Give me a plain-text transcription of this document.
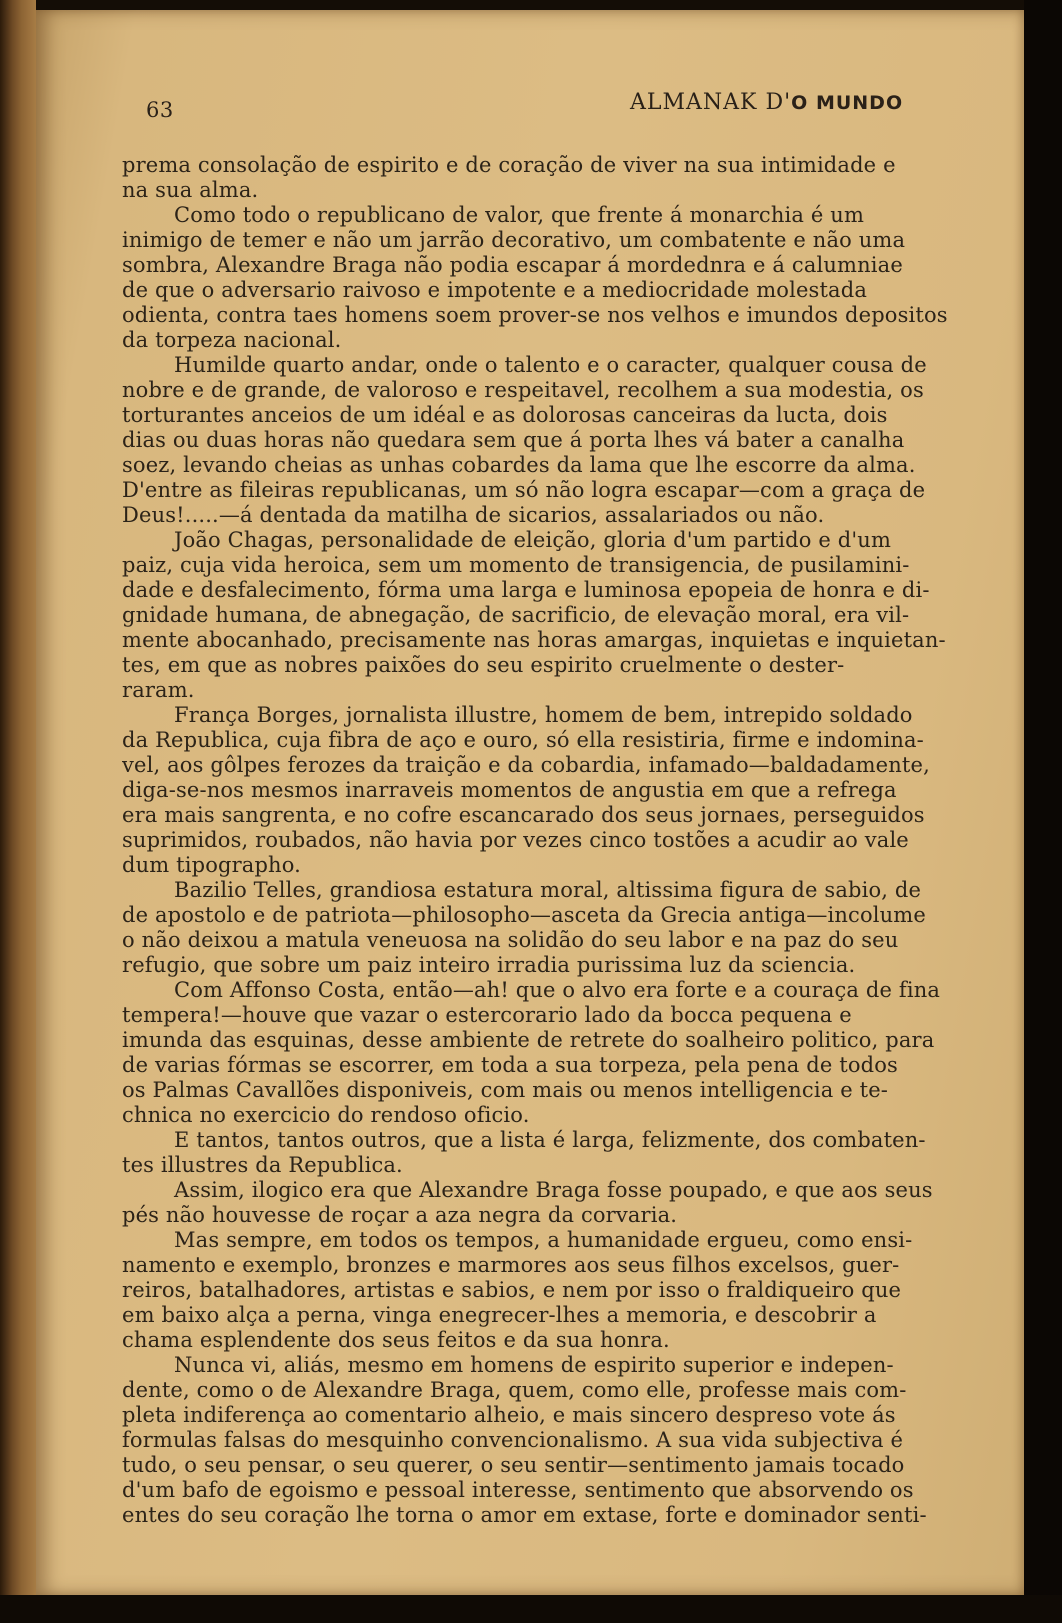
63	ALMANAK D'O MUNDO
prema consolação de espirito e de coração de viver na sua intimidade e
na sua alma.
Como todo o republicano de valor, que frente á monarchia é um
inimigo de temer e não um jarrão decorativo, um combatente e não uma
sombra, Alexandre Braga não podia escapar á mordednra e á calumniae
de que o adversario raivoso e impotente e a mediocridade molestada
odienta, contra taes homens soem prover-se nos velhos e imundos depositos
da torpeza nacional.
Humilde quarto andar, onde o talento e o caracter, qualquer cousa de
nobre e de grande, de valoroso e respeitavel, recolhem a sua modestia, os
torturantes anceios de um idéal e as dolorosas canceiras da lucta, dois
dias ou duas horas não quedara sem que á porta lhes vá bater a canalha
soez, levando cheias as unhas cobardes da lama que lhe escorre da alma.
D'entre as fileiras republicanas, um só não logra escapar—com a graça de
Deus!.....—á dentada da matilha de sicarios, assalariados ou não.
João Chagas, personalidade de eleição, gloria d'um partido e d'um
paiz, cuja vida heroica, sem um momento de transigencia, de pusilamini-
dade e desfalecimento, fórma uma larga e luminosa epopeia de honra e di-
gnidade humana, de abnegação, de sacrificio, de elevação moral, era vil-
mente abocanhado, precisamente nas horas amargas, inquietas e inquietan-
tes, em que as nobres paixões do seu espirito cruelmente o dester-
raram.
França Borges, jornalista illustre, homem de bem, intrepido soldado
da Republica, cuja fibra de aço e ouro, só ella resistiria, firme e indomina-
vel, aos gôlpes ferozes da traição e da cobardia, infamado—baldadamente,
diga-se-nos mesmos inarraveis momentos de angustia em que a refrega
era mais sangrenta, e no cofre escancarado dos seus jornaes, perseguidos
suprimidos, roubados, não havia por vezes cinco tostões a acudir ao vale
dum tipographo.
Bazilio Telles, grandiosa estatura moral, altissima figura de sabio, de
de apostolo e de patriota—philosopho—asceta da Grecia antiga—incolume
o não deixou a matula veneuosa na solidão do seu labor e na paz do seu
refugio, que sobre um paiz inteiro irradia purissima luz da sciencia.
Com Affonso Costa, então—ah! que o alvo era forte e a couraça de fina
tempera!—houve que vazar o estercorario lado da bocca pequena e
imunda das esquinas, desse ambiente de retrete do soalheiro politico, para
de varias fórmas se escorrer, em toda a sua torpeza, pela pena de todos
os Palmas Cavallões disponiveis, com mais ou menos intelligencia e te-
chnica no exercicio do rendoso oficio.
E tantos, tantos outros, que a lista é larga, felizmente, dos combaten-
tes illustres da Republica.
Assim, ilogico era que Alexandre Braga fosse poupado, e que aos seus
pés não houvesse de roçar a aza negra da corvaria.
Mas sempre, em todos os tempos, a humanidade ergueu, como ensi-
namento e exemplo, bronzes e marmores aos seus filhos excelsos, guer-
reiros, batalhadores, artistas e sabios, e nem por isso o fraldiqueiro que
em baixo alça a perna, vinga enegrecer-lhes a memoria, e descobrir a
chama esplendente dos seus feitos e da sua honra.
Nunca vi, aliás, mesmo em homens de espirito superior e indepen-
dente, como o de Alexandre Braga, quem, como elle, professe mais com-
pleta indiferença ao comentario alheio, e mais sincero despreso vote ás
formulas falsas do mesquinho convencionalismo. A sua vida subjectiva é
tudo, o seu pensar, o seu querer, o seu sentir—sentimento jamais tocado
d'um bafo de egoismo e pessoal interesse, sentimento que absorvendo os
entes do seu coração lhe torna o amor em extase, forte e dominador senti-
